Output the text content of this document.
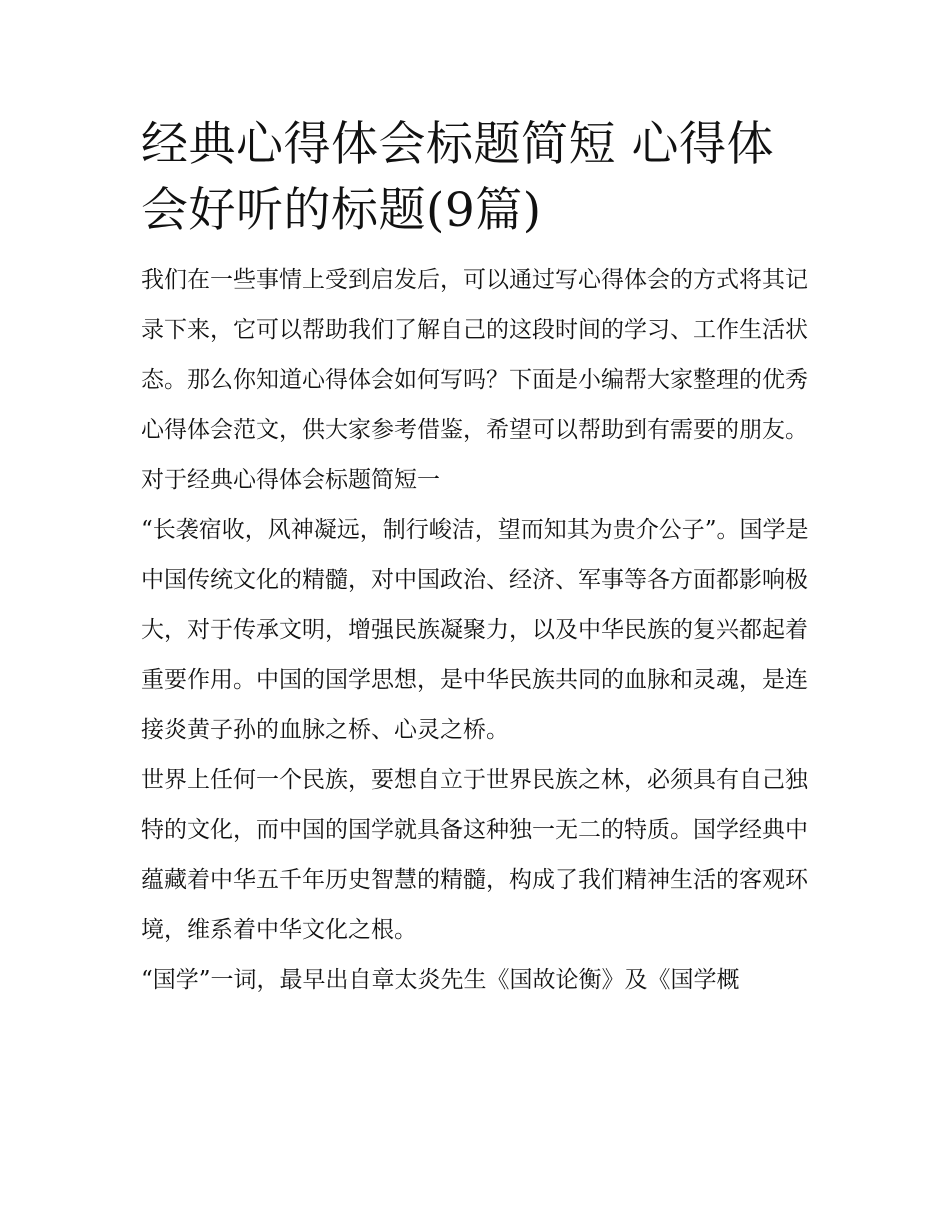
经典心得体会标题简短 心得体会好听的标题(9篇)

我们在一些事情上受到启发后，可以通过写心得体会的方式将其记录下来，它可以帮助我们了解自己的这段时间的学习、工作生活状态。那么你知道心得体会如何写吗？下面是小编帮大家整理的优秀心得体会范文，供大家参考借鉴，希望可以帮助到有需要的朋友。

对于经典心得体会标题简短一

“长袭宿收，风神凝远，制行峻洁，望而知其为贵介公子”。国学是中国传统文化的精髓，对中国政治、经济、军事等各方面都影响极大，对于传承文明，增强民族凝聚力，以及中华民族的复兴都起着重要作用。中国的国学思想，是中华民族共同的血脉和灵魂，是连接炎黄子孙的血脉之桥、心灵之桥。

世界上任何一个民族，要想自立于世界民族之林，必须具有自己独特的文化，而中国的国学就具备这种独一无二的特质。国学经典中蕴藏着中华五千年历史智慧的精髓，构成了我们精神生活的客观环境，维系着中华文化之根。

“国学”一词，最早出自章太炎先生《国故论衡》及《国学概
